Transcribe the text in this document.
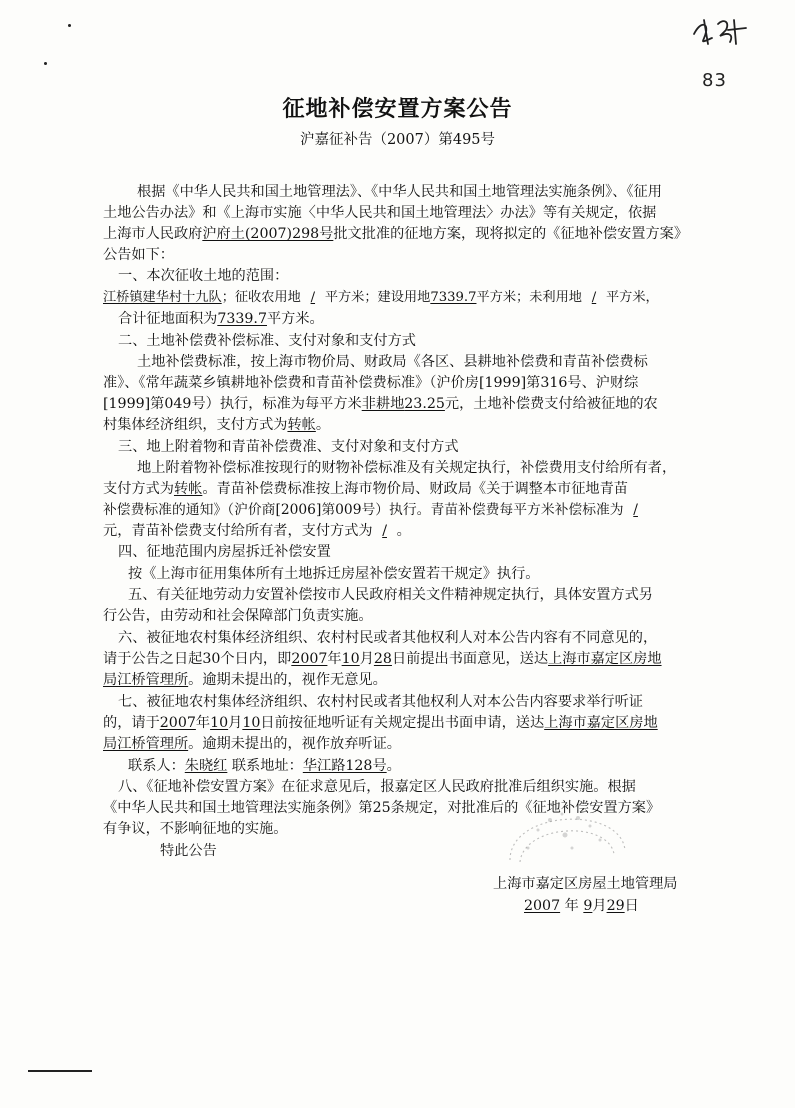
83
征地补偿安置方案公告
沪嘉征补告（2007）第495号
根据《中华人民共和国土地管理法》、《中华人民共和国土地管理法实施条例》、《征用
土地公告办法》和《上海市实施〈中华人民共和国土地管理法〉办法》等有关规定，依据
上海市人民政府沪府土(2007)298号批文批准的征地方案，现将拟定的《征地补偿安置方案》
公告如下：
一、本次征收土地的范围：
江桥镇建华村十九队；征收农用地 / 平方米；建设用地7339.7平方米；未利用地 / 平方米，
合计征地面积为7339.7平方米。
二、土地补偿费补偿标准、支付对象和支付方式
土地补偿费标准，按上海市物价局、财政局《各区、县耕地补偿费和青苗补偿费标
准》、《常年蔬菜乡镇耕地补偿费和青苗补偿费标准》（沪价房[1999]第316号、沪财综
[1999]第049号）执行，标准为每平方米非耕地23.25元，土地补偿费支付给被征地的农
村集体经济组织，支付方式为转帐。
三、地上附着物和青苗补偿费准、支付对象和支付方式
地上附着物补偿标准按现行的财物补偿标准及有关规定执行，补偿费用支付给所有者，
支付方式为转帐。青苗补偿费标准按上海市物价局、财政局《关于调整本市征地青苗
补偿费标准的通知》（沪价商[2006]第009号）执行。青苗补偿费每平方米补偿标准为 /
元，青苗补偿费支付给所有者，支付方式为 / 。
四、征地范围内房屋拆迁补偿安置
按《上海市征用集体所有土地拆迁房屋补偿安置若干规定》执行。
五、有关征地劳动力安置补偿按市人民政府相关文件精神规定执行，具体安置方式另
行公告，由劳动和社会保障部门负责实施。
六、被征地农村集体经济组织、农村村民或者其他权利人对本公告内容有不同意见的，
请于公告之日起30个日内，即2007年10月28日前提出书面意见，送达上海市嘉定区房地
局江桥管理所。逾期未提出的，视作无意见。
七、被征地农村集体经济组织、农村村民或者其他权利人对本公告内容要求举行听证
的，请于2007年10月10日前按征地听证有关规定提出书面申请，送达上海市嘉定区房地
局江桥管理所。逾期未提出的，视作放弃听证。
联系人：朱晓红 联系地址：华江路128号。
八、《征地补偿安置方案》在征求意见后，报嘉定区人民政府批准后组织实施。根据
《中华人民共和国土地管理法实施条例》第25条规定，对批准后的《征地补偿安置方案》
有争议，不影响征地的实施。
特此公告
上海市嘉定区房屋土地管理局
2007 年 9月29日
